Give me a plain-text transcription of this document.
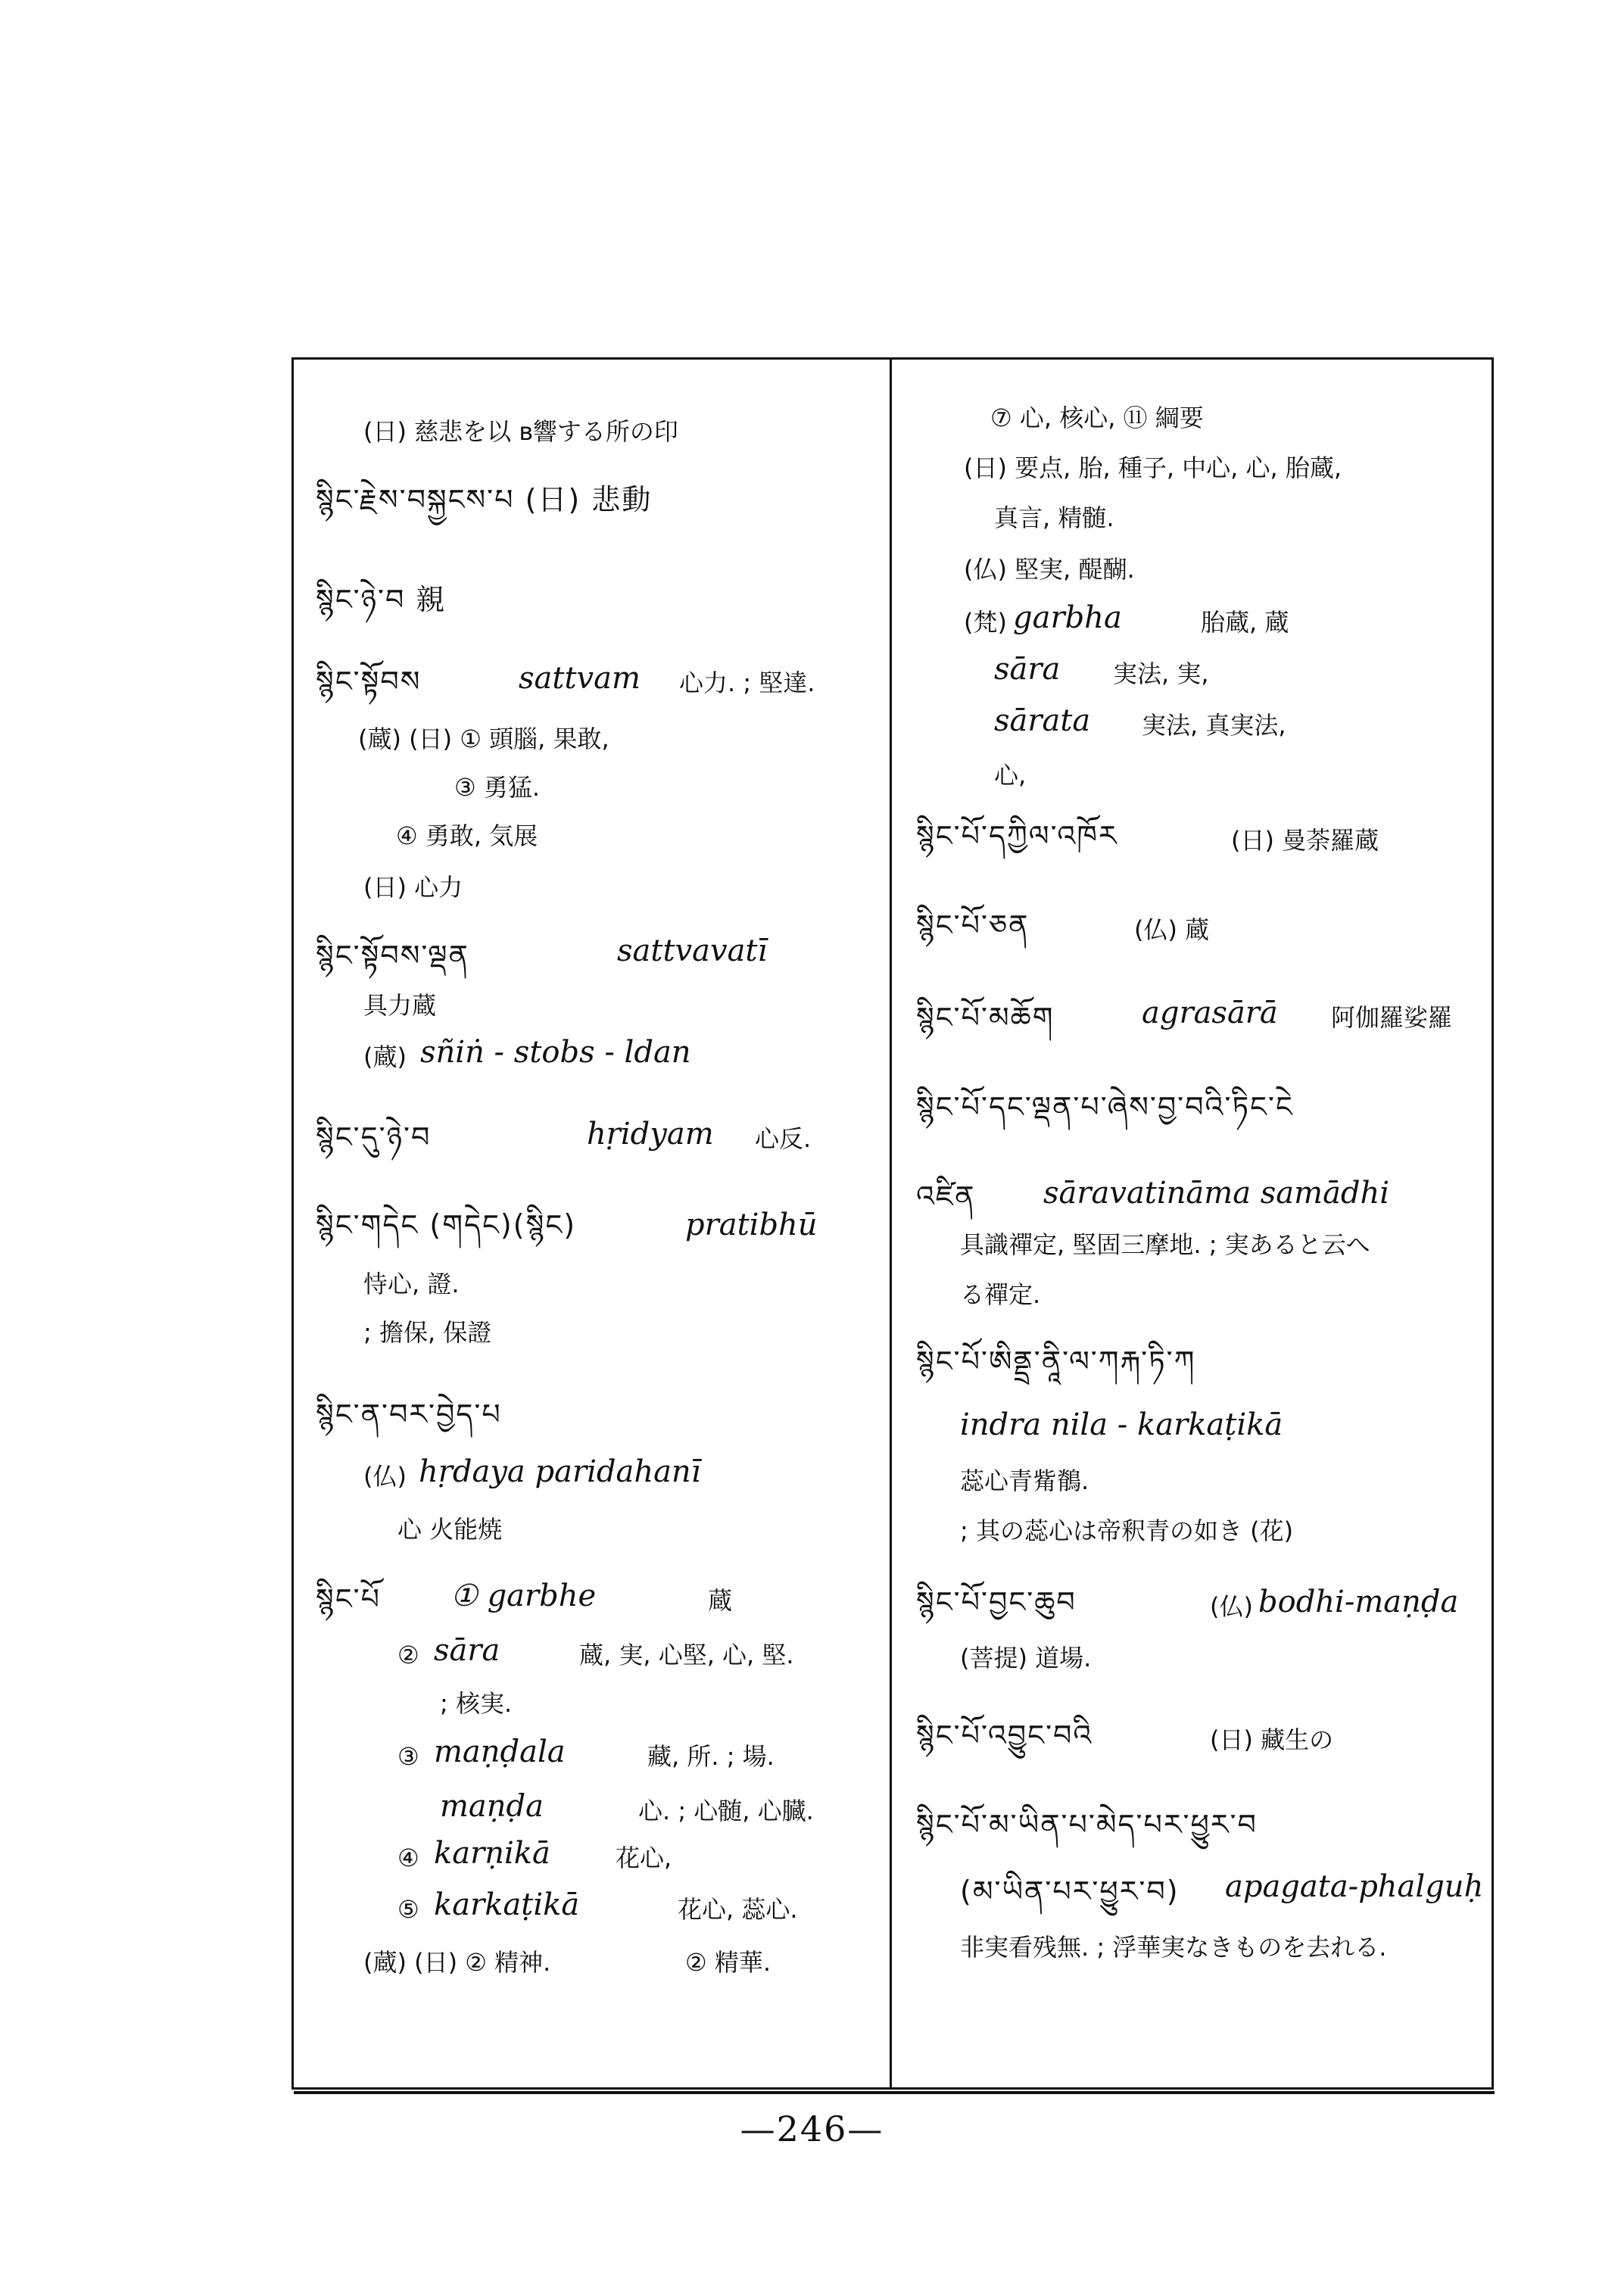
(日) 慈悲を以 ʙ響する所の印
སྙིང་རྗེས་བསྐྱངས་པ (日) 悲動
སྙིང་ཉེ་བ 親
སྙིང་སྟོབས	sattvam 心力. ; 堅達.
(蔵) (日) ① 頭腦, 果敢,
③ 勇猛.
④ 勇敢, 気展
(日) 心力
སྙིང་སྟོབས་ལྡན	sattvavatī
具力蔵
(蔵) sñiṅ - stobs - ldan
སྙིང་དུ་ཉེ་བ	hṛidyam 心反.
སྙིང་གདེང (གདེང)(སྙིང)	pratibhū
恃心, 證.
; 擔保, 保證
སྙིང་ན་བར་བྱེད་པ
(仏) hṛdaya paridahanī
心 火能焼
སྙིང་པོ ① garbhe	蔵
② sāra	蔵, 実, 心堅, 心, 堅.
; 核実.
③ maṇḍala	藏, 所. ; 場.
maṇḍa	心. ; 心髄, 心臓.
④ karṇikā	花心,
⑤ karkaṭikā	花心, 蕊心.
(蔵) (日) ② 精神.	② 精華.
⑦ 心, 核心, ⑪ 綱要
(日) 要点, 胎, 種子, 中心, 心, 胎蔵,
真言, 精髄.
(仏) 堅実, 醍醐.
(梵) garbha	胎蔵, 蔵
sāra 実法, 実,
sārata 実法, 真実法,
心,
སྙིང་པོ་དཀྱིལ་འཁོར	(日) 曼荼羅蔵
སྙིང་པོ་ཅན	(仏) 蔵
སྙིང་པོ་མཆོག	agrasārā 阿伽羅娑羅
སྙིང་པོ་དང་ལྡན་པ་ཞེས་བྱ་བའི་ཏིང་ངེ
འཛིན sāravatināma samādhi
具識禪定, 堅固三摩地. ; 実あると云へ
る禪定.
སྙིང་པོ་ཨིནྡྲ་ནཱི་ལ་ཀརྐ་ཏི་ཀ
indra nila - karkaṭikā
蕊心青觜鶺.
; 其の蕊心は帝釈青の如き (花)
སྙིང་པོ་བྱང་ཆུབ	(仏) bodhi-maṇḍa
(菩提) 道場.
སྙིང་པོ་འབྱུང་བའི	(日) 藏生の
སྙིང་པོ་མ་ཡིན་པ་མེད་པར་ཕྱུར་བ
(མ་ཡིན་པར་ཕྱུར་བ) apagata-phalguḥ
非実看残無. ; 浮華実なきものを去れる.
—246—
